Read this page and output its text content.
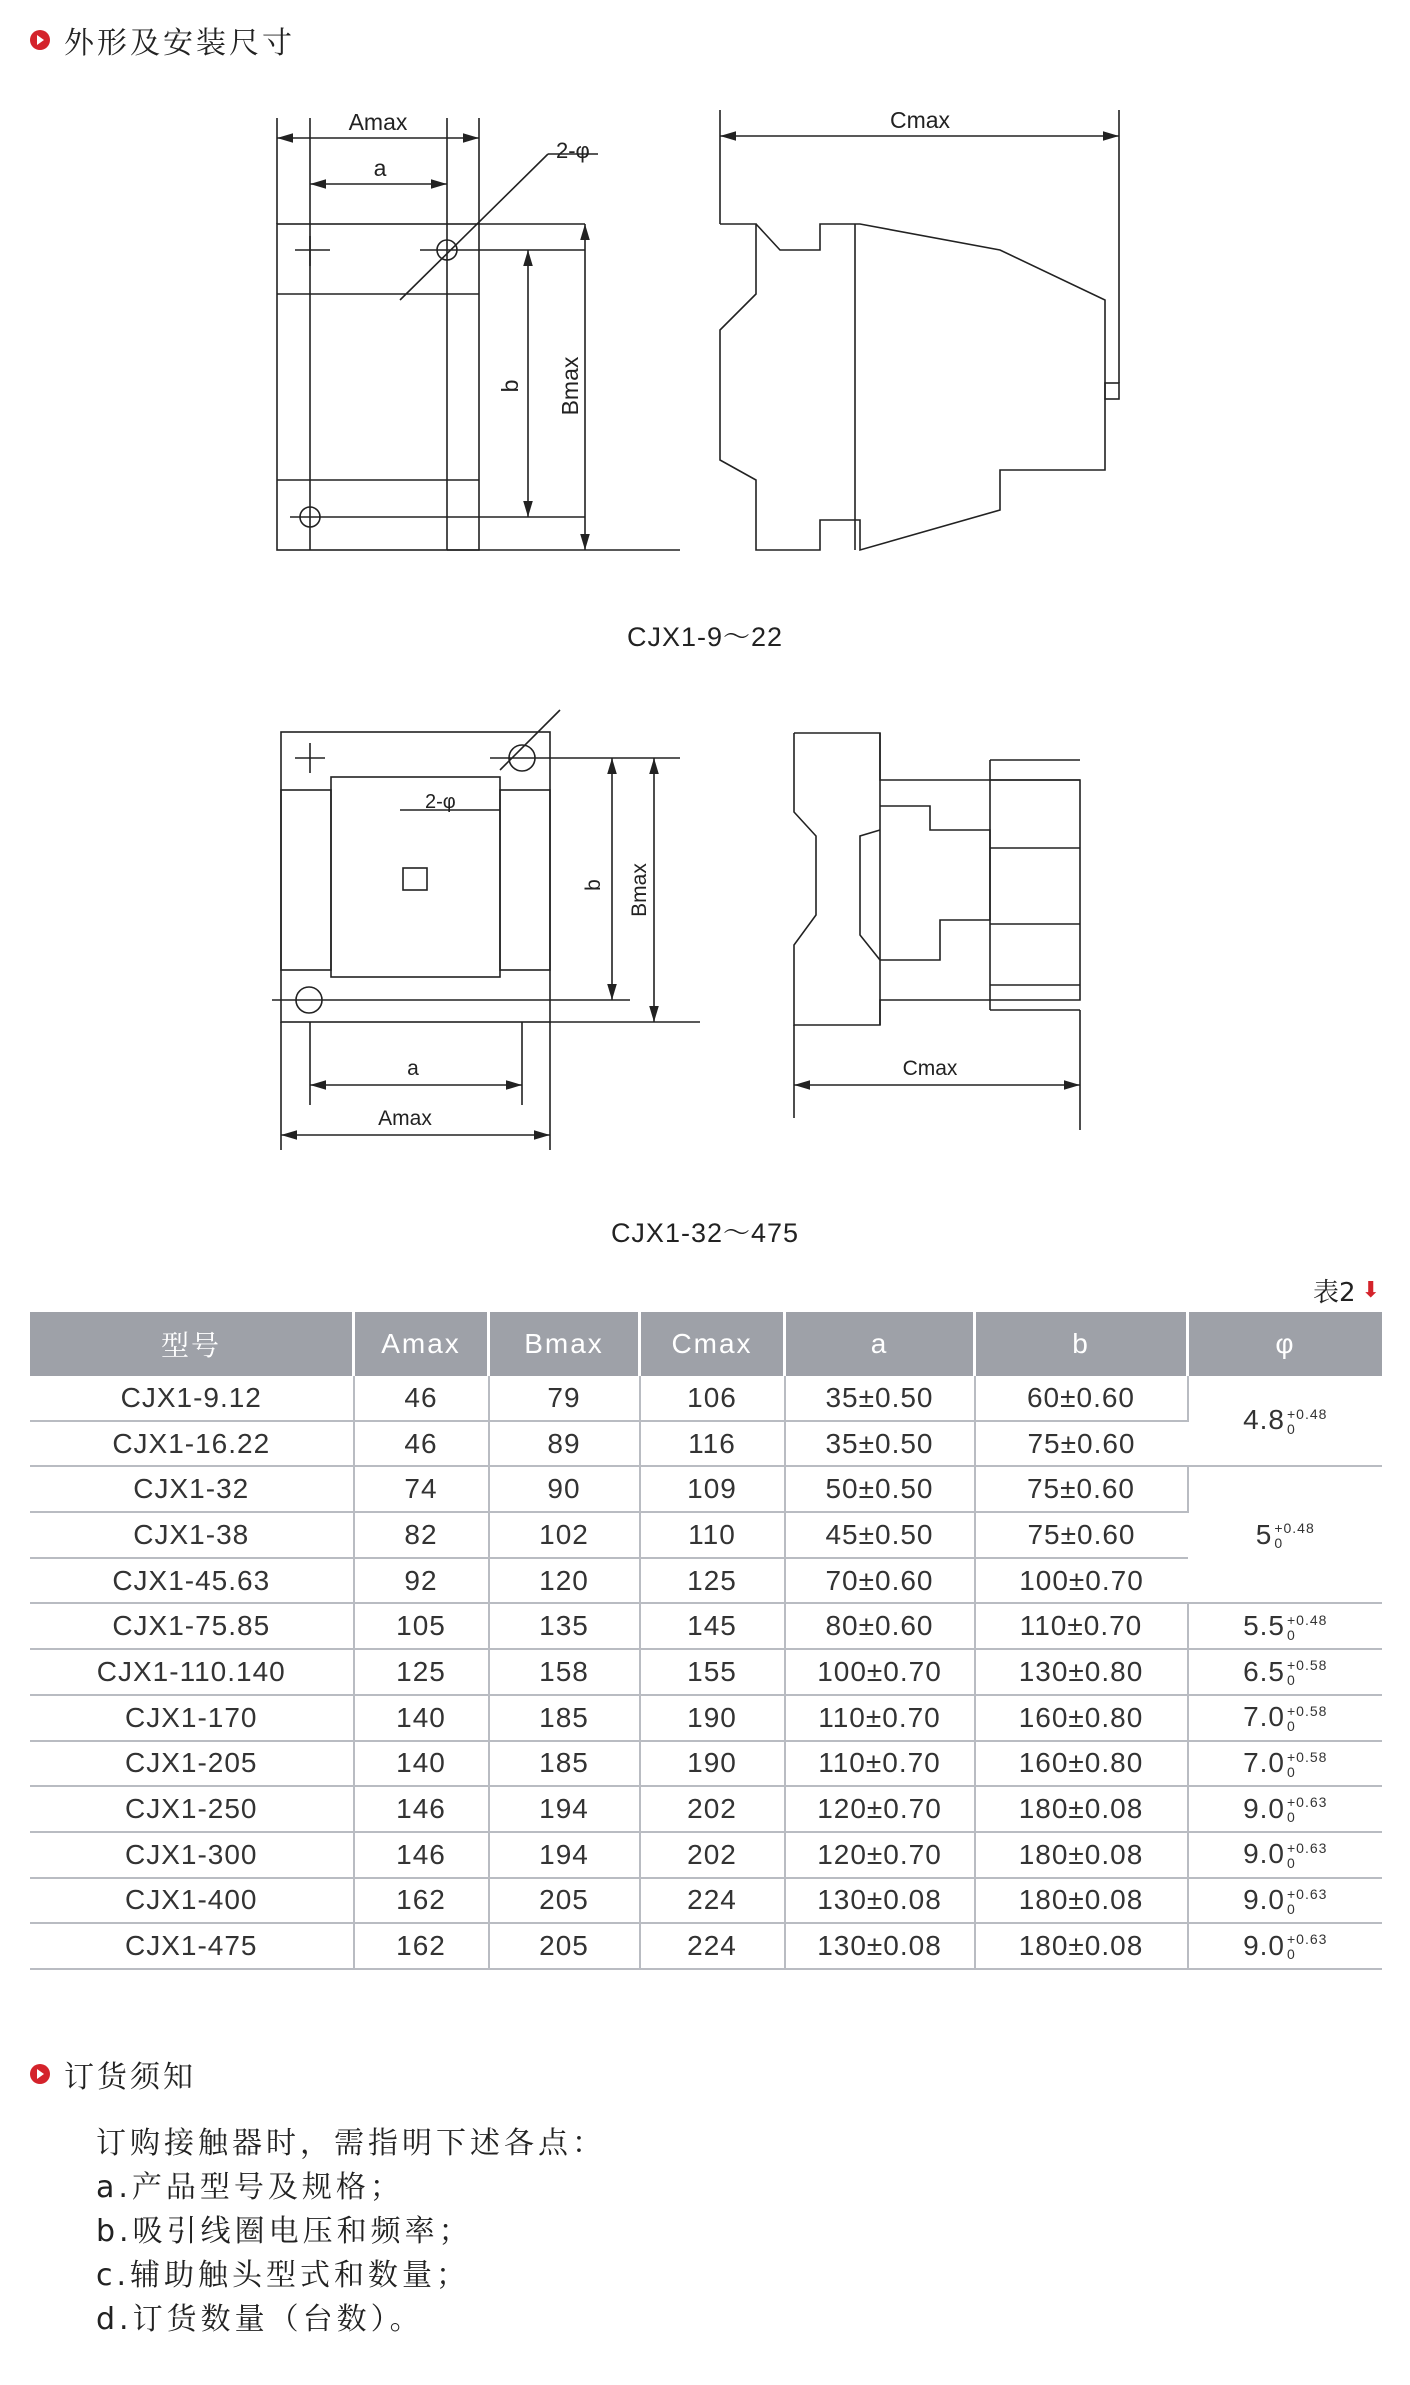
外形及安装尺寸
Amax
a
2-φ
b Bmax
Cmax
CJX1-9～22
2-φ
b Bmax
a
Amax
Cmax
CJX1-32～475
表2 ⬇
型号	Amax	Bmax	Cmax	a	b	φ
CJX1-9.12	46	79	106	35±0.50	60±0.60	4.8 +0.48
0

CJX1-16.22	46	89	116	35±0.50	75±0.60	
CJX1-32	74	90	109	50±0.50	75±0.60	5 +0.48
0

CJX1-38	82	102	110	45±0.50	75±0.60	
CJX1-45.63	92	120	125	70±0.60	100±0.70	
CJX1-75.85	105	135	145	80±0.60	110±0.70	5.5 +0.48
0

CJX1-110.140	125	158	155	100±0.70	130±0.80	6.5 +0.58
0

CJX1-170	140	185	190	110±0.70	160±0.80	7.0 +0.58
0

CJX1-205	140	185	190	110±0.70	160±0.80	7.0 +0.58
0

CJX1-250	146	194	202	120±0.70	180±0.08	9.0 +0.63
0

CJX1-300	146	194	202	120±0.70	180±0.08	9.0 +0.63
0

CJX1-400	162	205	224	130±0.08	180±0.08	9.0 +0.63
0

CJX1-475	162	205	224	130±0.08	180±0.08	9.0 +0.63
0
订货须知
订购接触器时，需指明下述各点：
a.产品型号及规格；
b.吸引线圈电压和频率；
c.辅助触头型式和数量；
d.订货数量（台数）。
